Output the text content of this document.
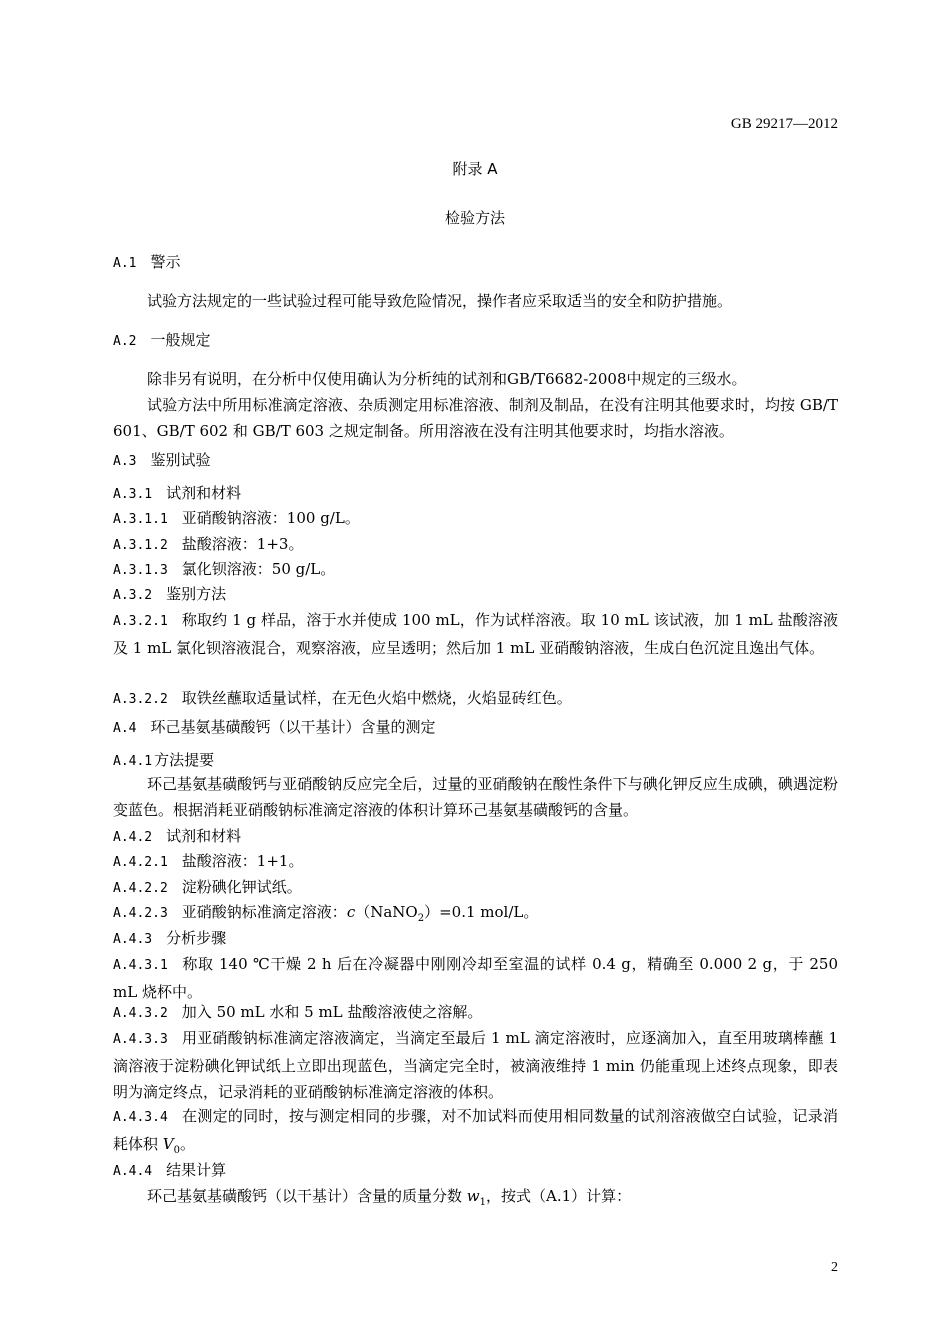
GB 29217—2012
附录 A
检验方法
A.1 警示
试验方法规定的一些试验过程可能导致危险情况，操作者应采取适当的安全和防护措施。
A.2 一般规定
除非另有说明，在分析中仅使用确认为分析纯的试剂和GB/T6682-2008中规定的三级水。
试验方法中所用标准滴定溶液、杂质测定用标准溶液、制剂及制品，在没有注明其他要求时，均按 GB/T 601、GB/T 602 和 GB/T 603 之规定制备。所用溶液在没有注明其他要求时，均指水溶液。
A.3 鉴别试验
A.3.1 试剂和材料
A.3.1.1 亚硝酸钠溶液：100 g/L。
A.3.1.2 盐酸溶液：1+3。
A.3.1.3 氯化钡溶液：50 g/L。
A.3.2 鉴别方法
A.3.2.1 称取约 1 g 样品，溶于水并使成 100 mL，作为试样溶液。取 10 mL 该试液，加 1 mL 盐酸溶液及 1 mL 氯化钡溶液混合，观察溶液，应呈透明；然后加 1 mL 亚硝酸钠溶液，生成白色沉淀且逸出气体。
A.3.2.2 取铁丝蘸取适量试样，在无色火焰中燃烧，火焰显砖红色。
A.4 环己基氨基磺酸钙（以干基计）含量的测定
A.4.1 方法提要
环己基氨基磺酸钙与亚硝酸钠反应完全后，过量的亚硝酸钠在酸性条件下与碘化钾反应生成碘，碘遇淀粉变蓝色。根据消耗亚硝酸钠标准滴定溶液的体积计算环己基氨基磺酸钙的含量。
A.4.2 试剂和材料
A.4.2.1 盐酸溶液：1+1。
A.4.2.2 淀粉碘化钾试纸。
A.4.2.3 亚硝酸钠标准滴定溶液：c（NaNO$_2$）=0.1 mol/L。
A.4.3 分析步骤
A.4.3.1 称取 140 ℃干燥 2 h 后在冷凝器中刚刚冷却至室温的试样 0.4 g，精确至 0.000 2 g，于 250 mL 烧杯中。
A.4.3.2 加入 50 mL 水和 5 mL 盐酸溶液使之溶解。
A.4.3.3 用亚硝酸钠标准滴定溶液滴定，当滴定至最后 1 mL 滴定溶液时，应逐滴加入，直至用玻璃棒蘸 1 滴溶液于淀粉碘化钾试纸上立即出现蓝色，当滴定完全时，被滴液维持 1 min 仍能重现上述终点现象，即表明为滴定终点，记录消耗的亚硝酸钠标准滴定溶液的体积。
A.4.3.4 在测定的同时，按与测定相同的步骤，对不加试料而使用相同数量的试剂溶液做空白试验，记录消耗体积 $V_0$。
A.4.4 结果计算
环己基氨基磺酸钙（以干基计）含量的质量分数 $w_1$，按式（A.1）计算：
2
